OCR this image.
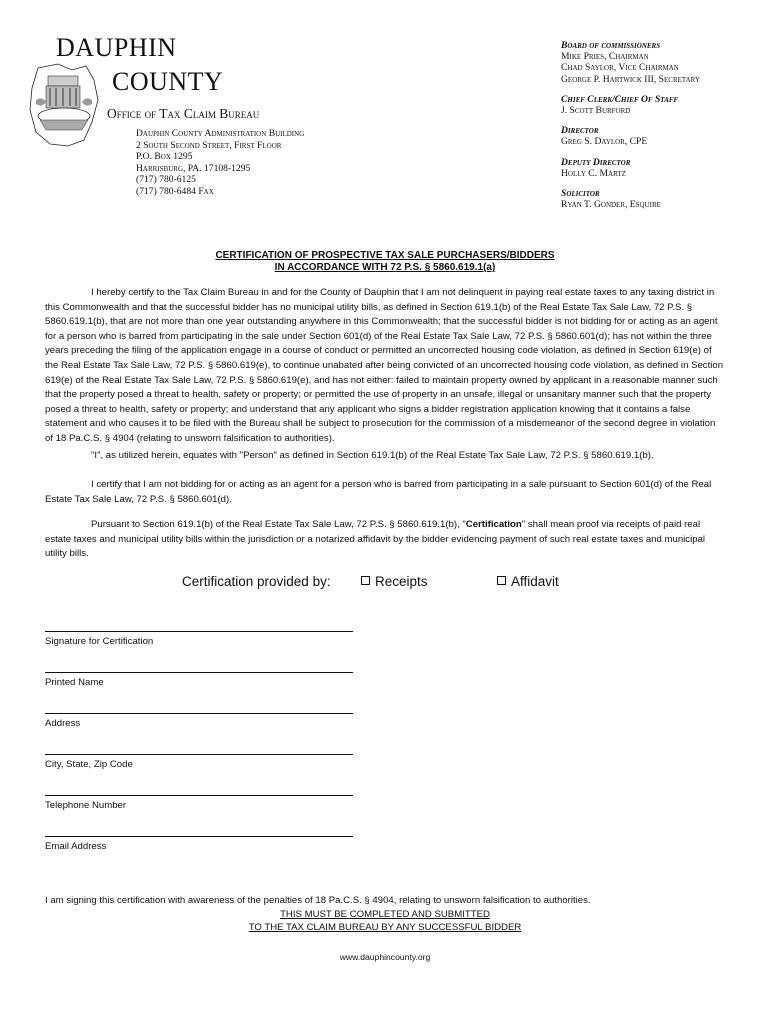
DAUPHIN
COUNTY
Office of Tax Claim Bureau
Dauphin County Administration Building
2 South Second Street, First Floor
P.O. Box 1295
Harrisburg, PA. 17108-1295
(717) 780-6125
(717) 780-6484 Fax
Board of commissioners
Mike Pries, Chairman
Chad Saylor, Vice Chairman
George P. Hartwick III, Secretary
Chief Clerk/Chief Of Staff
J. Scott Burford
Director
Greg S. Daylor, CPE
Deputy Director
Holly C. Martz
Solicitor
Ryan T. Gonder, Esquire
CERTIFICATION OF PROSPECTIVE TAX SALE PURCHASERS/BIDDERS
IN ACCORDANCE WITH 72 P.S. § 5860.619.1(a)
I hereby certify to the Tax Claim Bureau in and for the County of Dauphin that I am not delinquent in paying real estate taxes to any taxing district in this Commonwealth and that the successful bidder has no municipal utility bills, as defined in Section 619.1(b) of the Real Estate Tax Sale Law, 72 P.S. § 5860.619.1(b), that are not more than one year outstanding anywhere in this Commonwealth; that the successful bidder is not bidding for or acting as an agent for a person who is barred from participating in the sale under Section 601(d) of the Real Estate Tax Sale Law, 72 P.S. § 5860.601(d); has not within the three years preceding the filing of the application engage in a course of conduct or permitted an uncorrected housing code violation, as defined in Section 619(e) of the Real Estate Tax Sale Law, 72 P.S. § 5860.619(e), to continue unabated after being convicted of an uncorrected housing code violation, as defined in Section 619(e) of the Real Estate Tax Sale Law, 72 P.S. § 5860.619(e), and has not either: failed to maintain property owned by applicant in a reasonable manner such that the property posed a threat to health, safety or property; or permitted the use of property in an unsafe, illegal or unsanitary manner such that the property posed a threat to health, safety or property; and understand that any applicant who signs a bidder registration application knowing that it contains a false statement and who causes it to be filed with the Bureau shall be subject to prosecution for the commission of a misdemeanor of the second degree in violation of 18 Pa.C.S. § 4904 (relating to unsworn falsification to authorities).
"I", as utilized herein, equates with "Person" as defined in Section 619.1(b) of the Real Estate Tax Sale Law, 72 P.S. § 5860.619.1(b).
I certify that I am not bidding for or acting as an agent for a person who is barred from participating in a sale pursuant to Section 601(d) of the Real Estate Tax Sale Law, 72 P.S. § 5860.601(d).
Pursuant to Section 619.1(b) of the Real Estate Tax Sale Law, 72 P.S. § 5860.619.1(b), "Certification" shall mean proof via receipts of paid real estate taxes and municipal utility bills within the jurisdiction or a notarized affidavit by the bidder evidencing payment of such real estate taxes and municipal utility bills.
Certification provided by:	Receipts	Affidavit
Signature for Certification
Printed Name
Address
City, State, Zip Code
Telephone Number
Email Address
I am signing this certification with awareness of the penalties of 18 Pa.C.S. § 4904, relating to unsworn falsification to authorities.
THIS MUST BE COMPLETED AND SUBMITTED
TO THE TAX CLAIM BUREAU BY ANY SUCCESSFUL BIDDER
www.dauphincounty.org
